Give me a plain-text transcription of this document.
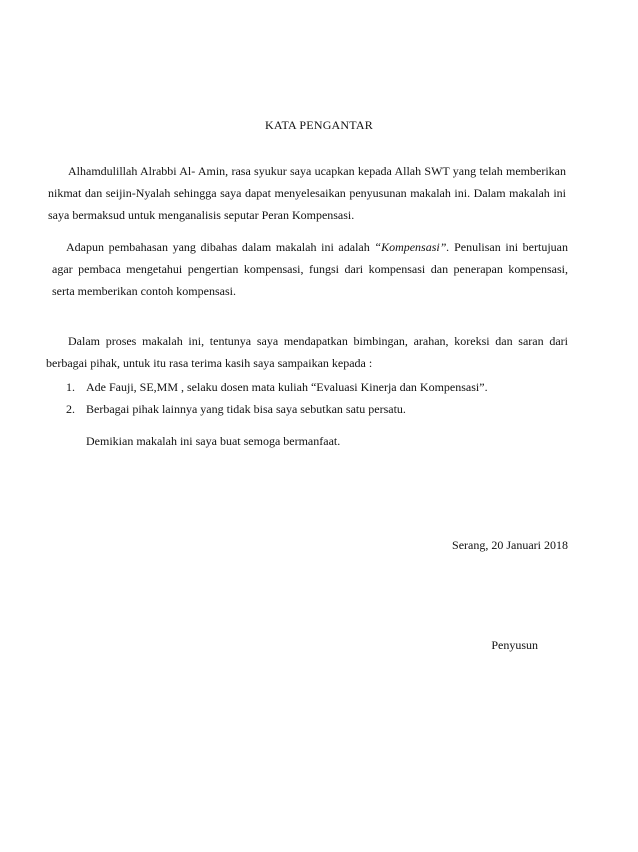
KATA PENGANTAR

Alhamdulillah Alrabbi Al- Amin, rasa syukur saya ucapkan kepada Allah SWT yang telah memberikan nikmat dan seijin-Nyalah sehingga saya dapat menyelesaikan penyusunan makalah ini. Dalam makalah ini saya bermaksud untuk menganalisis seputar Peran Kompensasi.

Adapun pembahasan yang dibahas dalam makalah ini adalah “Kompensasi”. Penulisan ini bertujuan agar pembaca mengetahui pengertian kompensasi, fungsi dari kompensasi dan penerapan kompensasi, serta memberikan contoh kompensasi.

Dalam proses makalah ini, tentunya saya mendapatkan bimbingan, arahan, koreksi dan saran dari berbagai pihak, untuk itu rasa terima kasih saya sampaikan kepada :

1. Ade Fauji, SE,MM , selaku dosen mata kuliah “Evaluasi Kinerja dan Kompensasi”.
2. Berbagai pihak lainnya yang tidak bisa saya sebutkan satu persatu.
Demikian makalah ini saya buat semoga bermanfaat.
Serang, 20 Januari 2018
Penyusun
